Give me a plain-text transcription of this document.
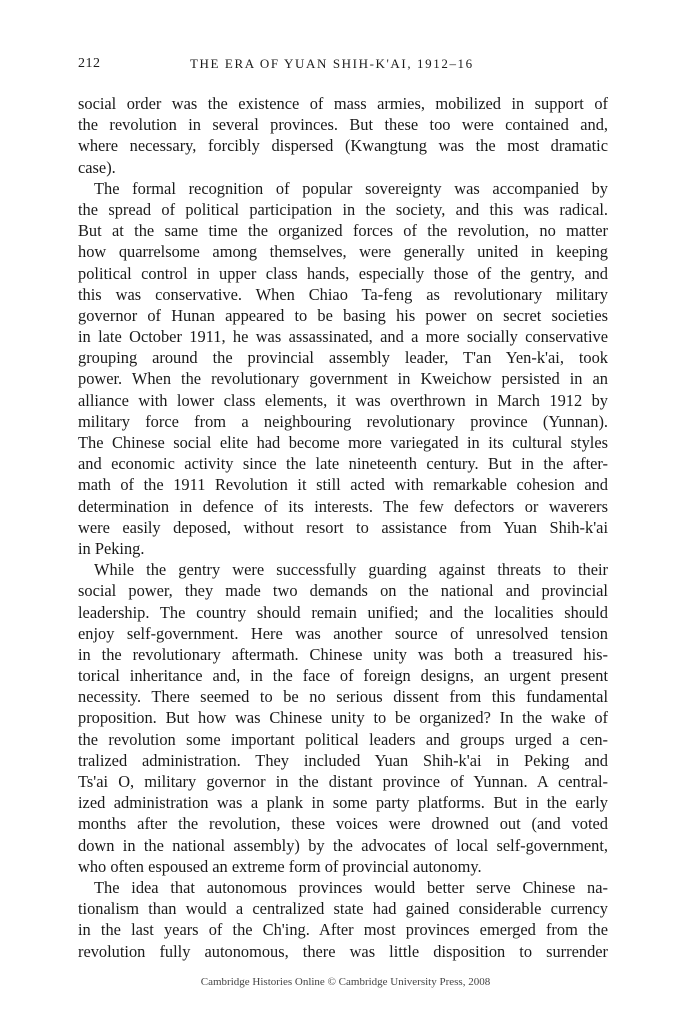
212	THE ERA OF YUAN SHIH-K'AI, 1912–16
social order was the existence of mass armies, mobilized in support of
the revolution in several provinces. But these too were contained and,
where necessary, forcibly dispersed (Kwangtung was the most dramatic
case).
The formal recognition of popular sovereignty was accompanied by
the spread of political participation in the society, and this was radical.
But at the same time the organized forces of the revolution, no matter
how quarrelsome among themselves, were generally united in keeping
political control in upper class hands, especially those of the gentry, and
this was conservative. When Chiao Ta-feng as revolutionary military
governor of Hunan appeared to be basing his power on secret societies
in late October 1911, he was assassinated, and a more socially conservative
grouping around the provincial assembly leader, T'an Yen-k'ai, took
power. When the revolutionary government in Kweichow persisted in an
alliance with lower class elements, it was overthrown in March 1912 by
military force from a neighbouring revolutionary province (Yunnan).
The Chinese social elite had become more variegated in its cultural styles
and economic activity since the late nineteenth century. But in the after-
math of the 1911 Revolution it still acted with remarkable cohesion and
determination in defence of its interests. The few defectors or waverers
were easily deposed, without resort to assistance from Yuan Shih-k'ai
in Peking.
While the gentry were successfully guarding against threats to their
social power, they made two demands on the national and provincial
leadership. The country should remain unified; and the localities should
enjoy self-government. Here was another source of unresolved tension
in the revolutionary aftermath. Chinese unity was both a treasured his-
torical inheritance and, in the face of foreign designs, an urgent present
necessity. There seemed to be no serious dissent from this fundamental
proposition. But how was Chinese unity to be organized? In the wake of
the revolution some important political leaders and groups urged a cen-
tralized administration. They included Yuan Shih-k'ai in Peking and
Ts'ai O, military governor in the distant province of Yunnan. A central-
ized administration was a plank in some party platforms. But in the early
months after the revolution, these voices were drowned out (and voted
down in the national assembly) by the advocates of local self-government,
who often espoused an extreme form of provincial autonomy.
The idea that autonomous provinces would better serve Chinese na-
tionalism than would a centralized state had gained considerable currency
in the last years of the Ch'ing. After most provinces emerged from the
revolution fully autonomous, there was little disposition to surrender
Cambridge Histories Online © Cambridge University Press, 2008
